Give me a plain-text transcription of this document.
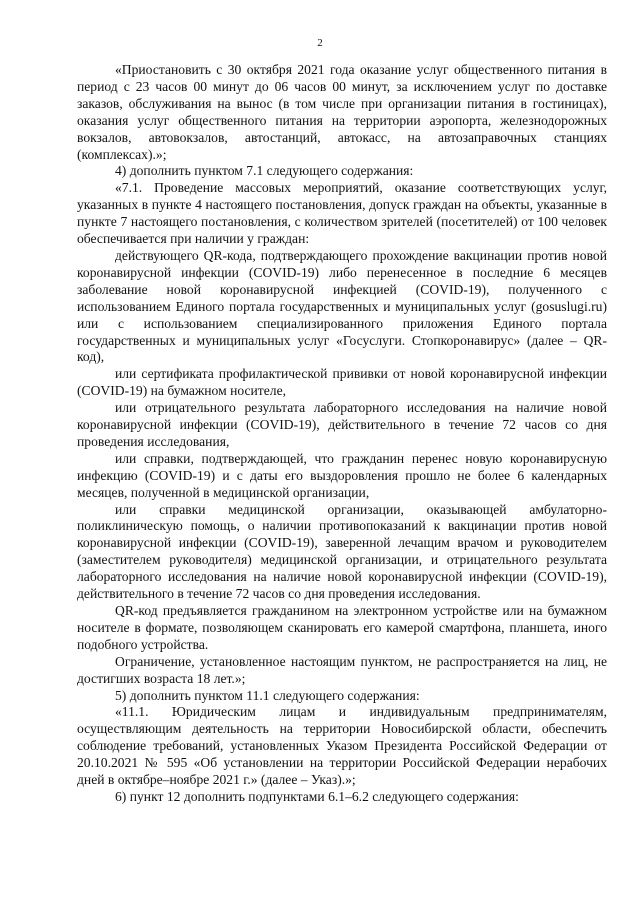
2

«Приостановить с 30 октября 2021 года оказание услуг общественного питания в период с 23 часов 00 минут до 06 часов 00 минут, за исключением услуг по доставке заказов, обслуживания на вынос (в том числе при организации питания в гостиницах), оказания услуг общественного питания на территории аэропорта, железнодорожных вокзалов, автовокзалов, автостанций, автокасс, на автозаправочных станциях (комплексах).»;

4) дополнить пунктом 7.1 следующего содержания:

«7.1. Проведение массовых мероприятий, оказание соответствующих услуг, указанных в пункте 4 настоящего постановления, допуск граждан на объекты, указанные в пункте 7 настоящего постановления, с количеством зрителей (посетителей) от 100 человек обеспечивается при наличии у граждан:

действующего QR-кода, подтверждающего прохождение вакцинации против новой коронавирусной инфекции (COVID-19) либо перенесенное в последние 6 месяцев заболевание новой коронавирусной инфекцией (COVID-19), полученного с использованием Единого портала государственных и муниципальных услуг (gosuslugi.ru) или с использованием специализированного приложения Единого портала государственных и муниципальных услуг «Госуслуги. Стопкоронавирус» (далее – QR-код),

или сертификата профилактической прививки от новой коронавирусной инфекции (COVID-19) на бумажном носителе,

или отрицательного результата лабораторного исследования на наличие новой коронавирусной инфекции (COVID-19), действительного в течение 72 часов со дня проведения исследования,

или справки, подтверждающей, что гражданин перенес новую коронавирусную инфекцию (COVID-19) и с даты его выздоровления прошло не более 6 календарных месяцев, полученной в медицинской организации,

или справки медицинской организации, оказывающей амбулаторно-поликлиническую помощь, о наличии противопоказаний к вакцинации против новой коронавирусной инфекции (COVID-19), заверенной лечащим врачом и руководителем (заместителем руководителя) медицинской организации, и отрицательного результата лабораторного исследования на наличие новой коронавирусной инфекции (COVID-19), действительного в течение 72 часов со дня проведения исследования.

QR-код предъявляется гражданином на электронном устройстве или на бумажном носителе в формате, позволяющем сканировать его камерой смартфона, планшета, иного подобного устройства.

Ограничение, установленное настоящим пунктом, не распространяется на лиц, не достигших возраста 18 лет.»;

5) дополнить пунктом 11.1 следующего содержания:

«11.1. Юридическим лицам и индивидуальным предпринимателям, осуществляющим деятельность на территории Новосибирской области, обеспечить соблюдение требований, установленных Указом Президента Российской Федерации от 20.10.2021 № 595 «Об установлении на территории Российской Федерации нерабочих дней в октябре–ноябре 2021 г.» (далее – Указ).»;

6) пункт 12 дополнить подпунктами 6.1–6.2 следующего содержания:
